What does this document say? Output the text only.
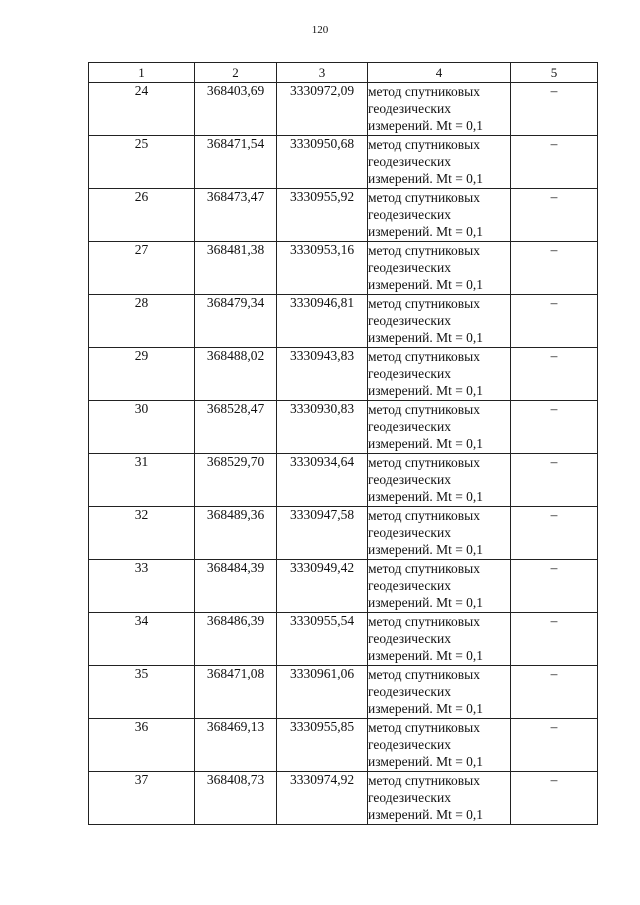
120
1	2	3	4	5
24	368403,69	3330972,09	метод спутниковых
геодезических
измерений. Mt = 0,1	–
25	368471,54	3330950,68	метод спутниковых
геодезических
измерений. Mt = 0,1	–
26	368473,47	3330955,92	метод спутниковых
геодезических
измерений. Mt = 0,1	–
27	368481,38	3330953,16	метод спутниковых
геодезических
измерений. Mt = 0,1	–
28	368479,34	3330946,81	метод спутниковых
геодезических
измерений. Mt = 0,1	–
29	368488,02	3330943,83	метод спутниковых
геодезических
измерений. Mt = 0,1	–
30	368528,47	3330930,83	метод спутниковых
геодезических
измерений. Mt = 0,1	–
31	368529,70	3330934,64	метод спутниковых
геодезических
измерений. Mt = 0,1	–
32	368489,36	3330947,58	метод спутниковых
геодезических
измерений. Mt = 0,1	–
33	368484,39	3330949,42	метод спутниковых
геодезических
измерений. Mt = 0,1	–
34	368486,39	3330955,54	метод спутниковых
геодезических
измерений. Mt = 0,1	–
35	368471,08	3330961,06	метод спутниковых
геодезических
измерений. Mt = 0,1	–
36	368469,13	3330955,85	метод спутниковых
геодезических
измерений. Mt = 0,1	–
37	368408,73	3330974,92	метод спутниковых
геодезических
измерений. Mt = 0,1	–
